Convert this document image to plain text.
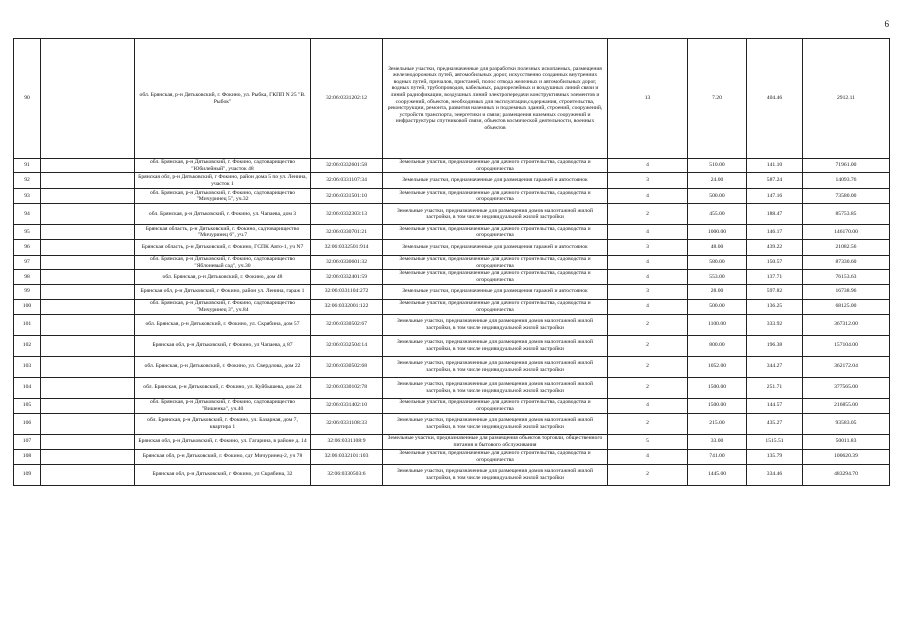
6
90		обл. Брянская, р-н Дятьковский, г. Фокино, ул. Рыбка, ГКПП N 25 "В. Рыбок"	32:06:0331202:12	Земельные участки, предназначенные для разработки полезных ископаемых, размещения железнодорожных путей, автомобильных дорог, искусственно созданных внутренних водных путей, причалов, пристаней, полос отвода железных и автомобильных дорог, водных путей, трубопроводов, кабельных, радиорелейных и воздушных линий связи и линий радиофикации, воздушных линий электропередачи конструктивных элементов и сооружений, объектов, необходимых для эксплуатации,содержания, строительства, реконструкции, ремонта, развития наземных и подземных зданий, строений, сооружений, устройств транспорта, энергетики и связи; размещения наземных сооружений и инфраструктуры спутниковой связи, объектов космической деятельности, военных объектов	13	7.20	404.46	2912.11
91		обл. Брянская, р-н Дятьковский, г. Фокино, садтоварищество "Юбилейный", участок 48	32:06:0332601:58	Земельные участки, предназначенные для дачного строительства, садоводства и огородничества	4	510.00	141.10	71961.00
92		Брянская обл, р-н Дятьковский, г Фокино, район дома 5 по ул. Ленина, участок 1	32:06:0331107:34	Земельные участки, предназначенные для размещения гаражей и автостоянок	3	24.00	587.24	14093.76
93		обл. Брянская, р-н Дятьковский, г. Фокино, садтоварищество "Мичуринец 5", уч.32	32:06:0331501:10	Земельные участки, предназначенные для дачного строительства, садоводства и огородничества	4	500.00	147.16	73580.00
94		обл. Брянская, р-н Дятьковский, г. Фокино, ул. Чапаева, дом 3	32:06:0332303:13	Земельные участки, предназначенные для размещения домов малоэтажной жилой застройки, в том числе индивидуальной жилой застройки	2	455.00	188.47	85753.85
95		Брянская область, р-н Дятьковский, г. Фокино, садтоварищество "Мичуринец 6", уч.7	32:06:0330701:21	Земельные участки, предназначенные для дачного строительства, садоводства и огородничества	4	1000.00	146.17	146170.00
96		Брянская область, р-н Дятьковский, г. Фокино, ГСПК Авто-1, уч N7	32:06:0332501:914	Земельные участки, предназначенные для размещения гаражей и автостоянок	3	48.00	439.22	21082.56
97		обл. Брянская, р-н Дятьковский, г. Фокино, садтоварищество "Яблоневый сад", уч.30	32:06:0330601:32	Земельные участки, предназначенные для дачного строительства, садоводства и огородничества	4	580.00	150.57	87330.60
98		обл. Брянская, р-н Дятьковский, г. Фокино, дом 48	32:06:0332401:59	Земельные участки, предназначенные для дачного строительства, садоводства и огородничества	4	553.00	137.71	76153.63
99		Брянская обл, р-н Дятьковский, г Фокино, район ул. Ленина, гараж 1	32:06:0331104:272	Земельные участки, предназначенные для размещения гаражей и автостоянок	3	28.00	597.82	16738.96
100		обл. Брянская, р-н Дятьковский, г. Фокино, садтоварищество "Мичуринец 3", уч.84	32:06:0332001:122	Земельные участки, предназначенные для дачного строительства, садоводства и огородничества	4	500.00	136.25	68125.00
101		обл. Брянская, р-н Дятьковский, г. Фокино, ул. Скрябина, дом 57	32:06:0330502:67	Земельные участки, предназначенные для размещения домов малоэтажной жилой застройки, в том числе индивидуальной жилой застройки	2	1100.00	333.92	367312.00
102		Брянская обл, р-н Дятьковский, г Фокино, ул Чапаева, д 87	32:06:0332504:14	Земельные участки, предназначенные для размещения домов малоэтажной жилой застройки, в том числе индивидуальной жилой застройки	2	800.00	196.38	157104.00
103		обл. Брянская, р-н Дятьковский, г. Фокино, ул. Свердлова, дом 22	32:06:0330502:68	Земельные участки, предназначенные для размещения домов малоэтажной жилой застройки, в том числе индивидуальной жилой застройки	2	1052.00	344.27	362172.04
104		обл. Брянская, р-н Дятьковский, г. Фокино, ул. Куйбышева, дом 24	32:06:0330102:78	Земельные участки, предназначенные для размещения домов малоэтажной жилой застройки, в том числе индивидуальной жилой застройки	2	1500.00	251.71	377565.00
105		обл. Брянская, р-н Дятьковский, г. Фокино, садтоварищество "Вишенка", уч.40	32:06:0331402:10	Земельные участки, предназначенные для дачного строительства, садоводства и огородничества	4	1500.00	144.57	216855.00
106		обл. Брянская, р-н Дятьковский, г. Фокино, ул. Базарная, дом 7, квартира 1	32:06:0331108:33	Земельные участки, предназначенные для размещения домов малоэтажной жилой застройки, в том числе индивидуальной жилой застройки	2	215.00	435.27	93583.05
107		Брянская обл, р-н Дятьковский, г. Фокино, ул. Гагарина, в районе д. 14	32:06:0331108:9	Земельные участки, предназначенные для размещения объектов торговли, общественного питания и бытового обслуживания	5	33.00	1515.51	50011.83
108		Брянская обл, р-н Дятьковский, г. Фокино, сдт Мичуринец-2, уч 78	32:06:0332101:103	Земельные участки, предназначенные для дачного строительства, садоводства и огородничества	4	741.00	135.79	100620.39
109		Брянская обл, р-н Дятьковский, г Фокино, ул Скрябина, 32	32:06:0330503:6	Земельные участки, предназначенные для размещения домов малоэтажной жилой застройки, в том числе индивидуальной жилой застройки	2	1445.00	334.46	483294.70
